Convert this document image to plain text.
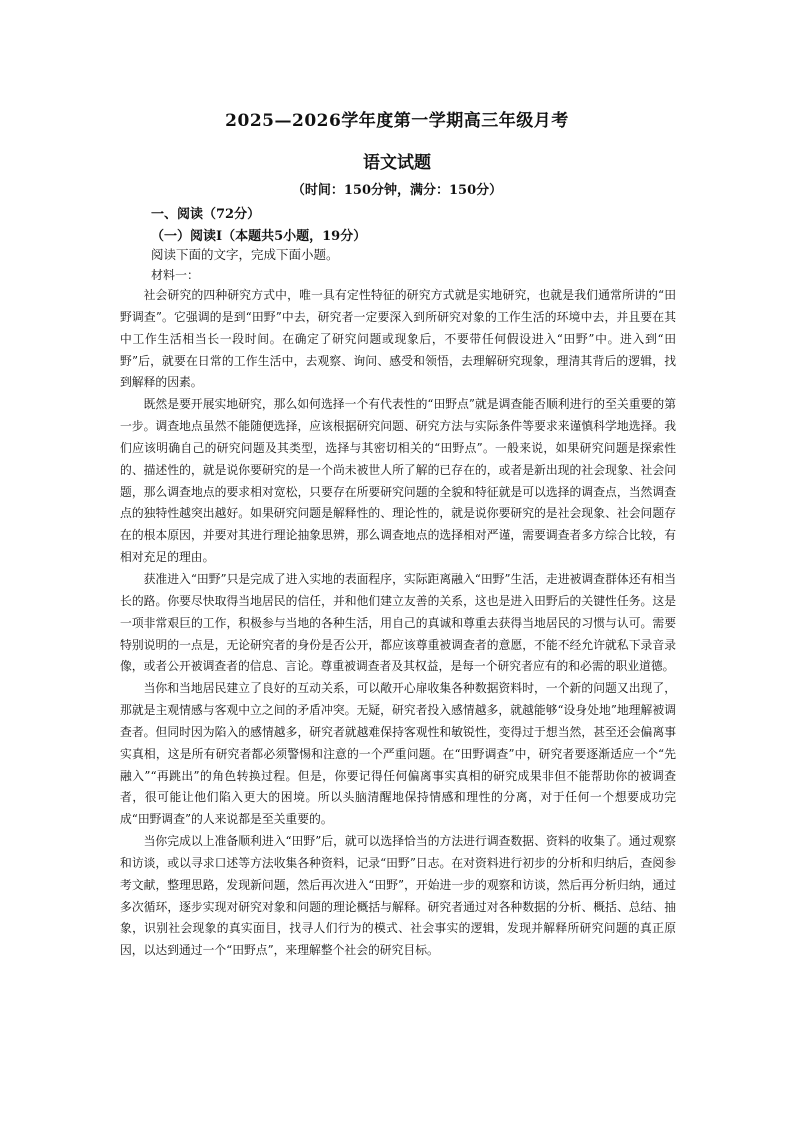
2025—2026学年度第一学期高三年级月考
语文试题
（时间：150分钟，满分：150分）
一、阅读（72分）
（一）阅读Ⅰ（本题共5小题，19分）
阅读下面的文字，完成下面小题。
材料一：

社会研究的四种研究方式中，唯一具有定性特征的研究方式就是实地研究，也就是我们通常所讲的“田野调查”。它强调的是到“田野”中去，研究者一定要深入到所研究对象的工作生活的环境中去，并且要在其中工作生活相当长一段时间。在确定了研究问题或现象后，不要带任何假设进入“田野”中。进入到“田野”后，就要在日常的工作生活中，去观察、询问、感受和领悟，去理解研究现象，理清其背后的逻辑，找到解释的因素。

既然是要开展实地研究，那么如何选择一个有代表性的“田野点”就是调查能否顺利进行的至关重要的第一步。调查地点虽然不能随便选择，应该根据研究问题、研究方法与实际条件等要求来谨慎科学地选择。我们应该明确自己的研究问题及其类型，选择与其密切相关的“田野点”。一般来说，如果研究问题是探索性的、描述性的，就是说你要研究的是一个尚未被世人所了解的已存在的，或者是新出现的社会现象、社会问题，那么调查地点的要求相对宽松，只要存在所要研究问题的全貌和特征就是可以选择的调查点，当然调查点的独特性越突出越好。如果研究问题是解释性的、理论性的，就是说你要研究的是社会现象、社会问题存在的根本原因，并要对其进行理论抽象思辨，那么调查地点的选择相对严谨，需要调查者多方综合比较，有相对充足的理由。

获准进入“田野”只是完成了进入实地的表面程序，实际距离融入“田野”生活，走进被调查群体还有相当长的路。你要尽快取得当地居民的信任，并和他们建立友善的关系，这也是进入田野后的关键性任务。这是一项非常艰巨的工作，积极参与当地的各种生活，用自己的真诚和尊重去获得当地居民的习惯与认可。需要特别说明的一点是，无论研究者的身份是否公开，都应该尊重被调查者的意愿，不能不经允许就私下录音录像，或者公开被调查者的信息、言论。尊重被调查者及其权益，是每一个研究者应有的和必需的职业道德。

当你和当地居民建立了良好的互动关系，可以敞开心扉收集各种数据资料时，一个新的问题又出现了，那就是主观情感与客观中立之间的矛盾冲突。无疑，研究者投入感情越多，就越能够“设身处地”地理解被调查者。但同时因为陷入的感情越多，研究者就越难保持客观性和敏锐性，变得过于想当然，甚至还会偏离事实真相，这是所有研究者都必须警惕和注意的一个严重问题。在“田野调查”中，研究者要逐渐适应一个“先融入”“再跳出”的角色转换过程。但是，你要记得任何偏离事实真相的研究成果非但不能帮助你的被调查者，很可能让他们陷入更大的困境。所以头脑清醒地保持情感和理性的分离，对于任何一个想要成功完成“田野调查”的人来说都是至关重要的。

当你完成以上准备顺利进入“田野”后，就可以选择恰当的方法进行调查数据、资料的收集了。通过观察和访谈，或以寻求口述等方法收集各种资料，记录“田野”日志。在对资料进行初步的分析和归纳后，查阅参考文献，整理思路，发现新问题，然后再次进入“田野”，开始进一步的观察和访谈，然后再分析归纳，通过多次循环，逐步实现对研究对象和问题的理论概括与解释。研究者通过对各种数据的分析、概括、总结、抽象，识别社会现象的真实面目，找寻人们行为的模式、社会事实的逻辑，发现并解释所研究问题的真正原因，以达到通过一个“田野点”，来理解整个社会的研究目标。
